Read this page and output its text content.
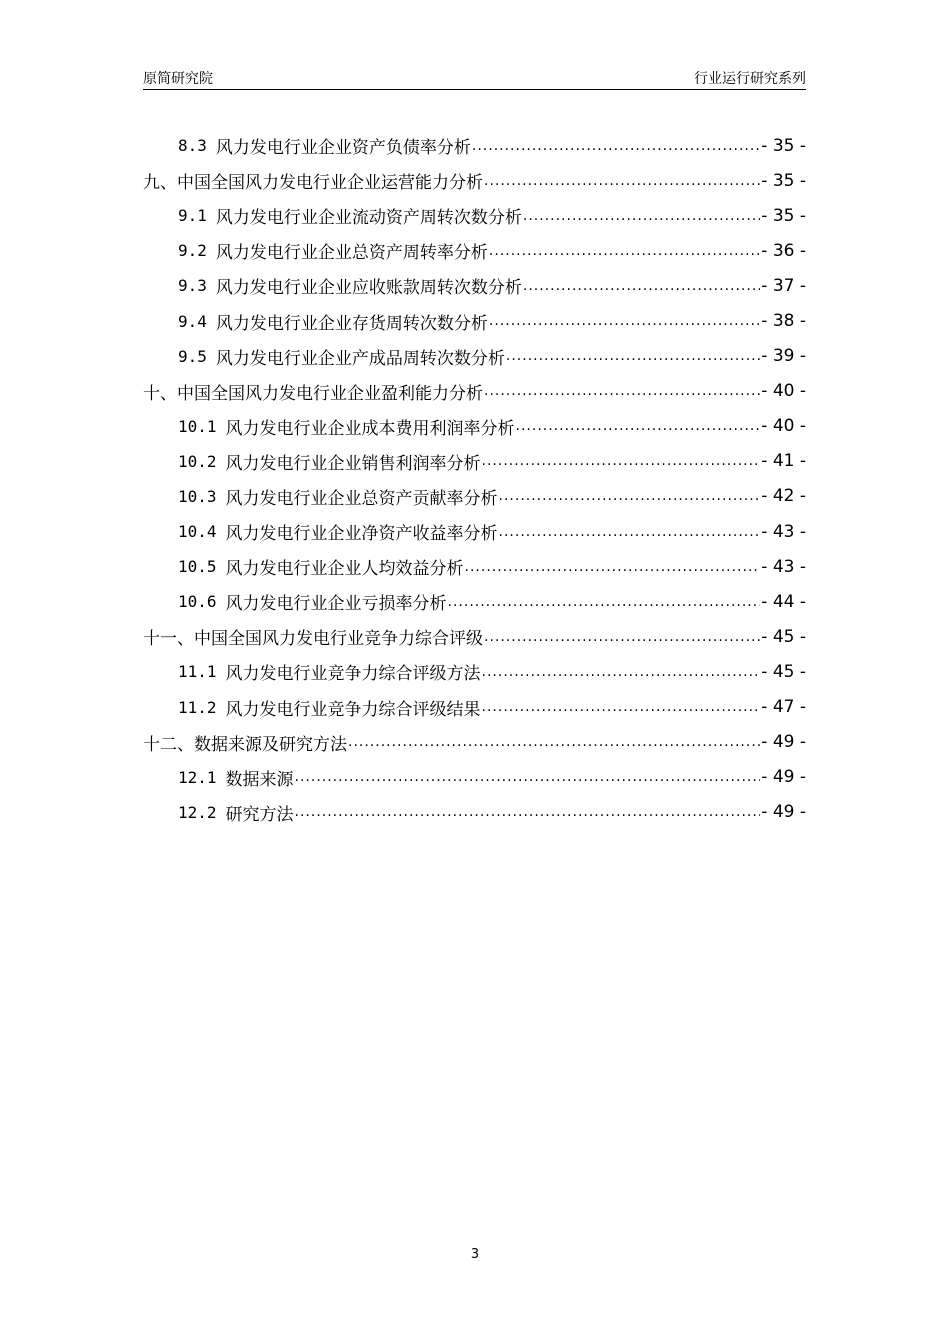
原简研究院	行业运行研究系列
8.3 风力发电行业企业资产负债率分析 .....	- 35 -
九、中国全国风力发电行业企业运营能力分析 .....	- 35 -
9.1 风力发电行业企业流动资产周转次数分析 .....	- 35 -
9.2 风力发电行业企业总资产周转率分析 .....	- 36 -
9.3 风力发电行业企业应收账款周转次数分析 .....	- 37 -
9.4 风力发电行业企业存货周转次数分析 .....	- 38 -
9.5 风力发电行业企业产成品周转次数分析 .....	- 39 -
十、中国全国风力发电行业企业盈利能力分析 .....	- 40 -
10.1 风力发电行业企业成本费用利润率分析 .....	- 40 -
10.2 风力发电行业企业销售利润率分析 .....	- 41 -
10.3 风力发电行业企业总资产贡献率分析 .....	- 42 -
10.4 风力发电行业企业净资产收益率分析 .....	- 43 -
10.5 风力发电行业企业人均效益分析 .....	- 43 -
10.6 风力发电行业企业亏损率分析 .....	- 44 -
十一、中国全国风力发电行业竞争力综合评级 .....	- 45 -
11.1 风力发电行业竞争力综合评级方法 .....	- 45 -
11.2 风力发电行业竞争力综合评级结果 .....	- 47 -
十二、数据来源及研究方法 .....	- 49 -
12.1 数据来源 .....	- 49 -
12.2 研究方法 .....	- 49 -
3
